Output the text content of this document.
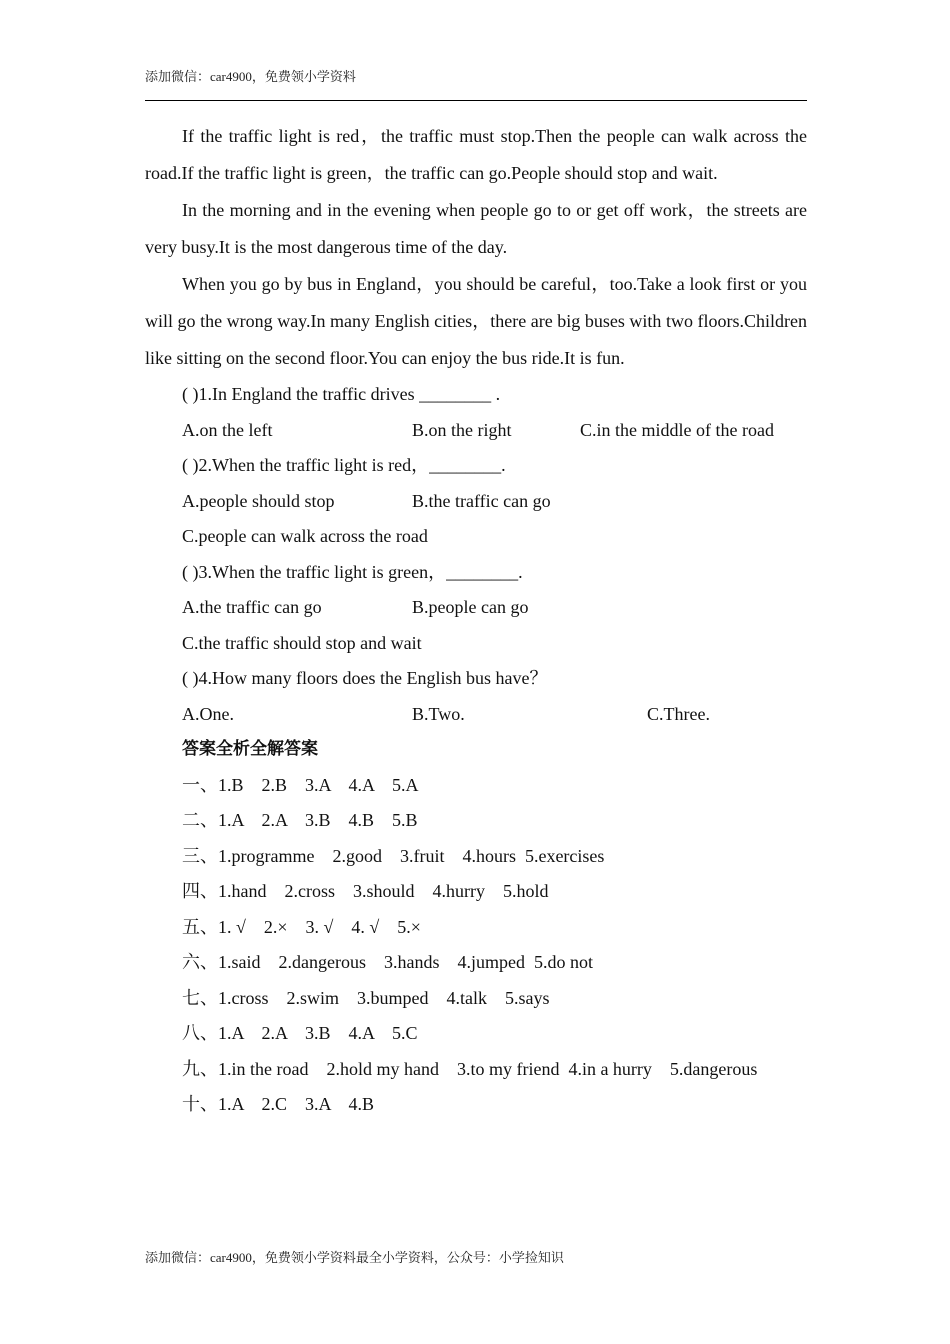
添加微信：car4900，免费领小学资料

If the traffic light is red，the traffic must stop.Then the people can walk across the road.If the traffic light is green，the traffic can go.People should stop and wait.

In the morning and in the evening when people go to or get off work，the streets are very busy.It is the most dangerous time of the day.

When you go by bus in England，you should be careful，too.Take a look first or you will go the wrong way.In many English cities，there are big buses with two floors.Children like sitting on the second floor.You can enjoy the bus ride.It is fun.

( )1.In England the traffic drives ________ .
A.on the left	B.on the right	C.in the middle of the road
( )2.When the traffic light is red，________.
A.people should stop	B.the traffic can go
C.people can walk across the road
( )3.When the traffic light is green，________.
A.the traffic can go	B.people can go
C.the traffic should stop and wait
( )4.How many floors does the English bus have？
A.One.	B.Two.	C.Three.
答案全析全解答案
一、1.B    2.B    3.A    4.A    5.A
二、1.A    2.A    3.B    4.B    5.B
三、1.programme    2.good    3.fruit    4.hours  5.exercises
四、1.hand    2.cross    3.should    4.hurry    5.hold
五、1. √    2.×    3. √    4. √    5.×
六、1.said    2.dangerous    3.hands    4.jumped  5.do not
七、1.cross    2.swim    3.bumped    4.talk    5.says
八、1.A    2.A    3.B    4.A    5.C
九、1.in the road    2.hold my hand    3.to my friend  4.in a hurry    5.dangerous
十、1.A    2.C    3.A    4.B
添加微信：car4900，免费领小学资料最全小学资料，公众号：小学捡知识
